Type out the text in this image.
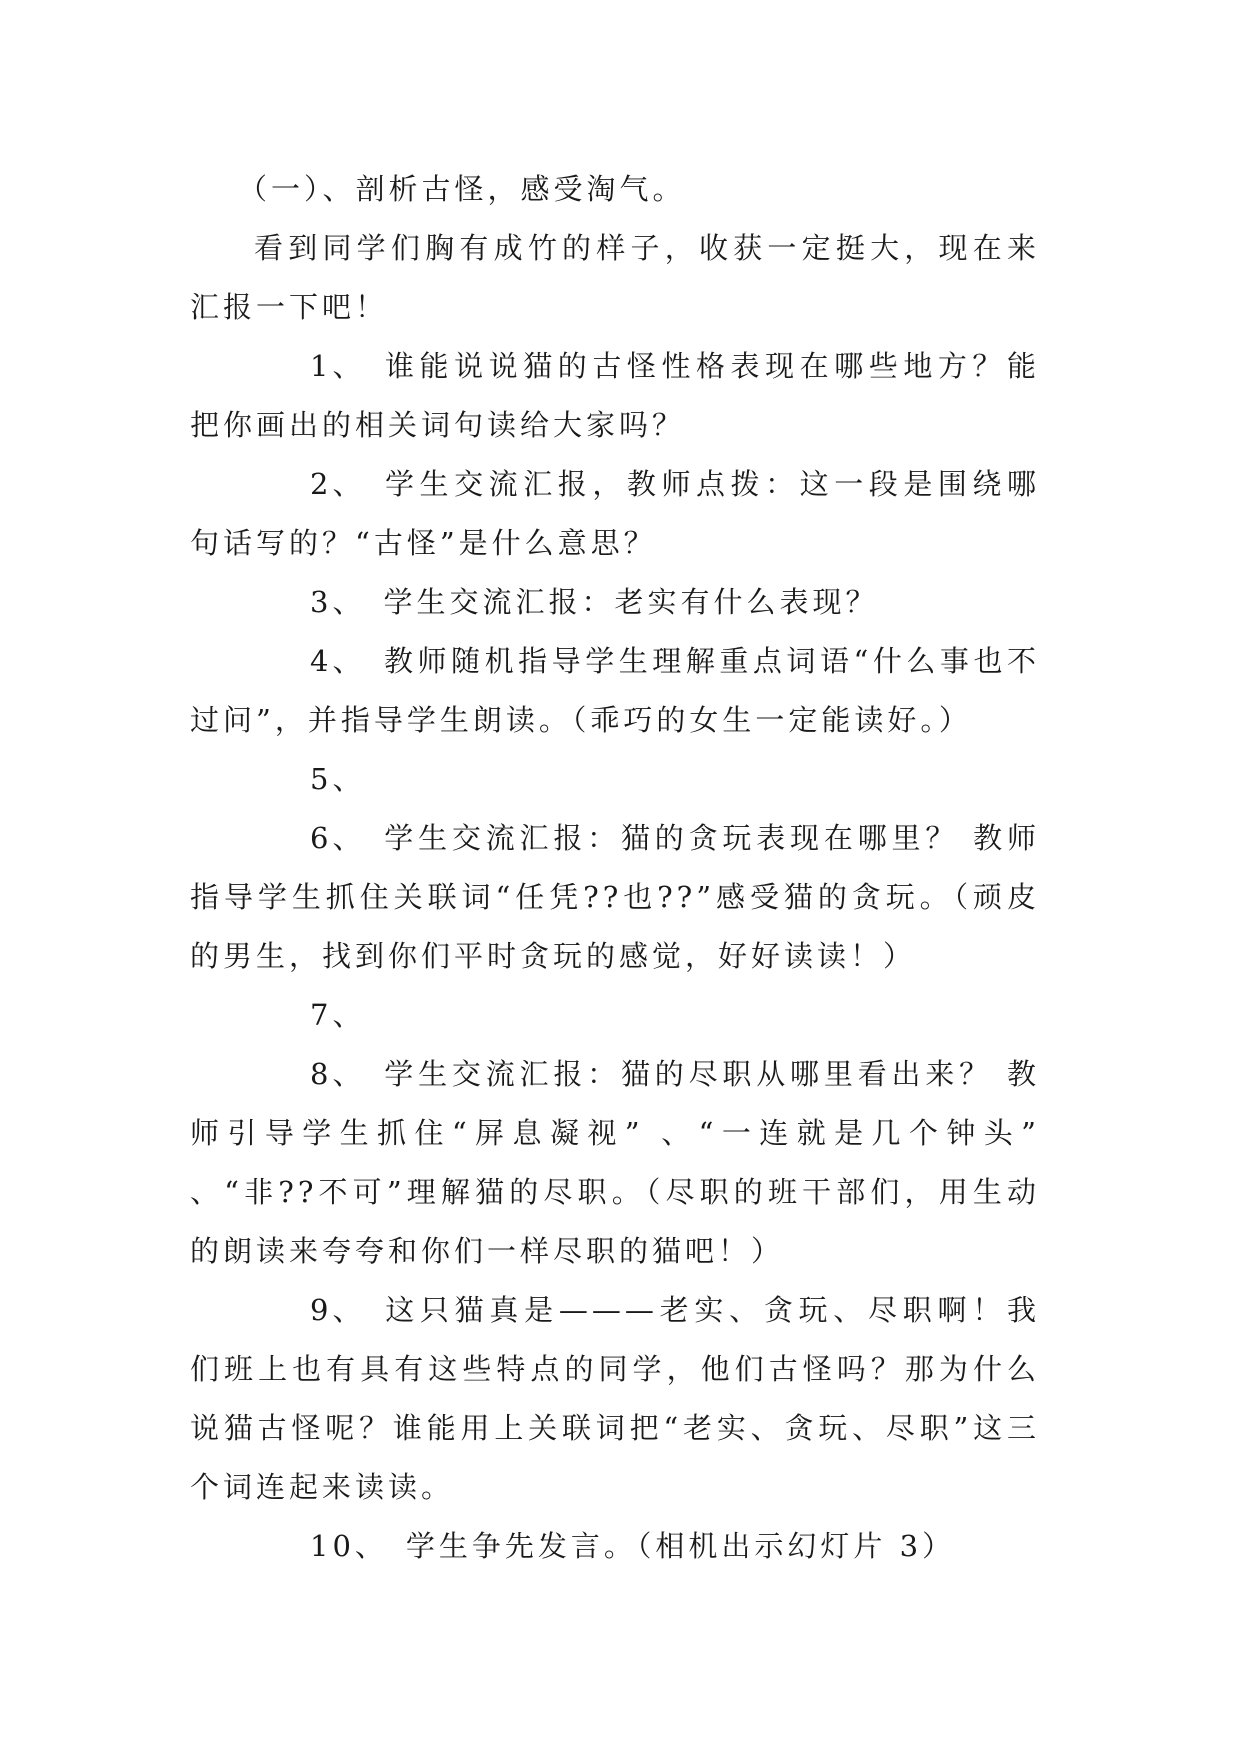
（一）、剖析古怪，感受淘气。

看到同学们胸有成竹的样子，收获一定挺大，现在来汇报一下吧！

1、 谁能说说猫的古怪性格表现在哪些地方？能把你画出的相关词句读给大家吗？

2、 学生交流汇报，教师点拨：这一段是围绕哪句话写的？“古怪”是什么意思？

3、 学生交流汇报：老实有什么表现？

4、 教师随机指导学生理解重点词语“什么事也不过问”，并指导学生朗读。（乖巧的女生一定能读好。）

5、

6、 学生交流汇报：猫的贪玩表现在哪里？ 教师指导学生抓住关联词“任凭??也??”感受猫的贪玩。（顽皮的男生，找到你们平时贪玩的感觉，好好读读！）

7、

8、 学生交流汇报：猫的尽职从哪里看出来？ 教师引导学生抓住“屏息凝视” 、“一连就是几个钟头” 、“非??不可”理解猫的尽职。（尽职的班干部们，用生动的朗读来夸夸和你们一样尽职的猫吧！）

9、 这只猫真是———老实、贪玩、尽职啊！我们班上也有具有这些特点的同学，他们古怪吗？那为什么说猫古怪呢？谁能用上关联词把“老实、贪玩、尽职”这三个词连起来读读。

10、 学生争先发言。（相机出示幻灯片 3）
